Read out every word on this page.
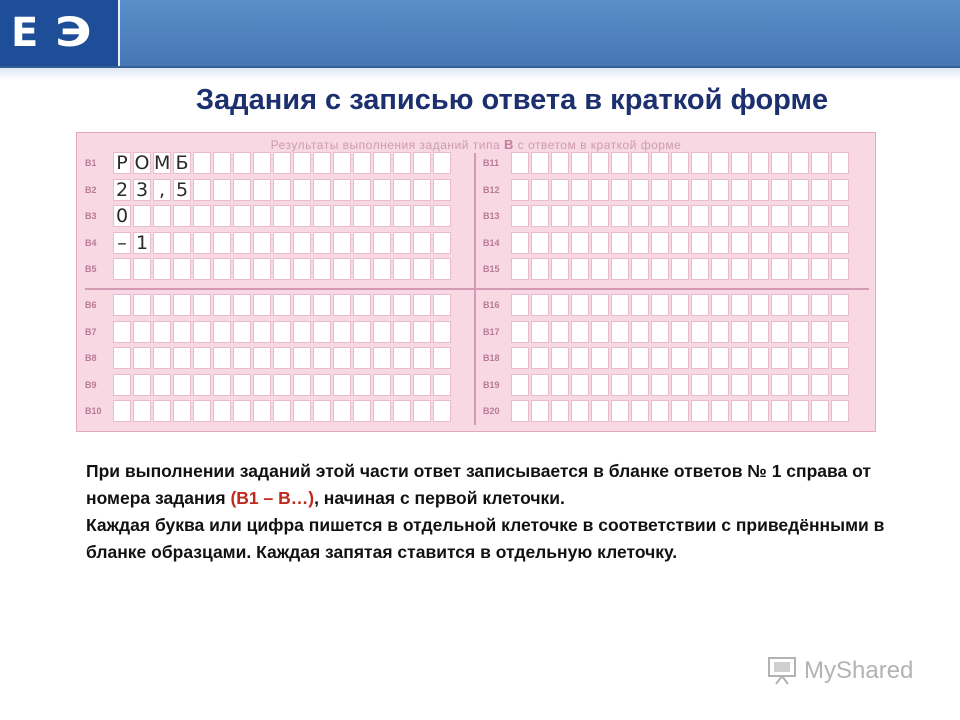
Е Э
Задания с записью ответа в краткой форме
Результаты выполнения заданий типа В с ответом в краткой форме
B1	Р О М Б
B2	2 3 , 5
B3	0
B4	– 1
B5
B6
B7
B8
B9
B10
B11
B12
B13
B14
B15
B16
B17
B18
B19
B20

При выполнении заданий этой части ответ записывается в бланке ответов № 1 справа от номера задания (В1 – В…), начиная с первой клеточки.

Каждая буква или цифра пишется в отдельной клеточке в соответствии с приведёнными в бланке образцами. Каждая запятая ставится в отдельную клеточку.

MyShared
